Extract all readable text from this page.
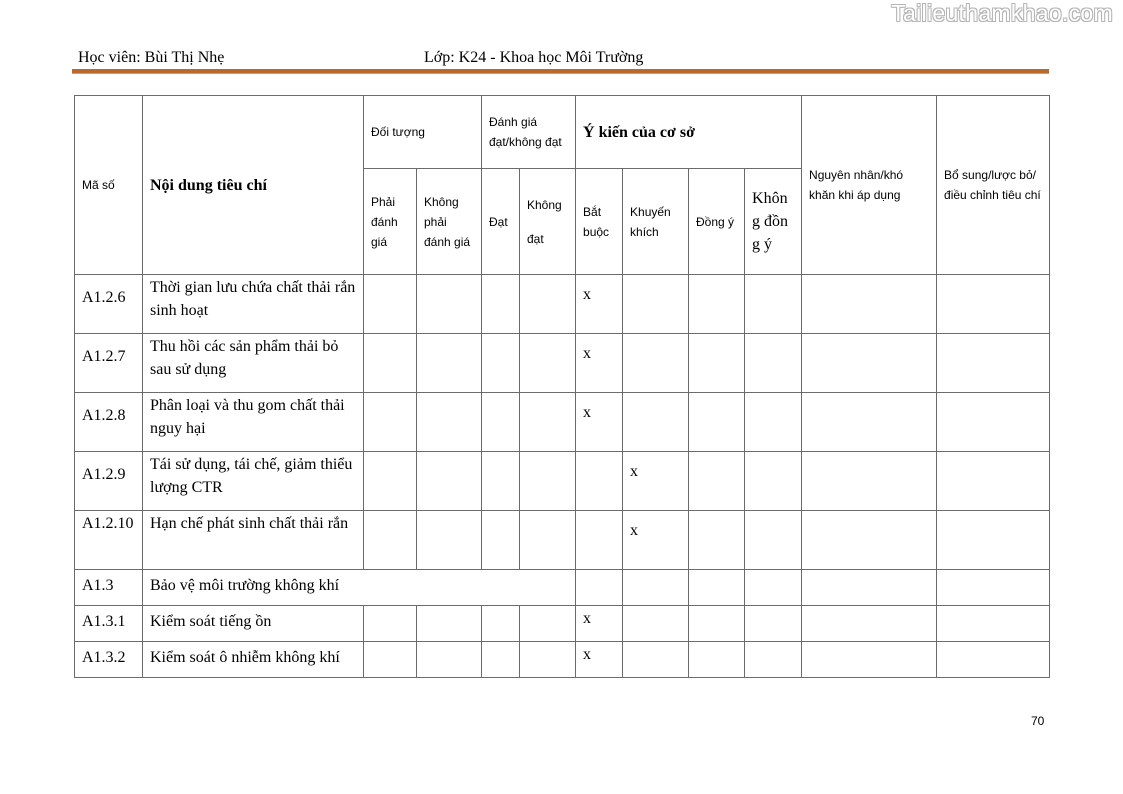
Tailieuthamkhao.com
Học viên: Bùi Thị Nhẹ	Lớp: K24 - Khoa học Môi Trường
Mã số	Nội dung tiêu chí	Đối tượng		Đánh giá đạt/không đạt		Ý kiến của cơ sở				Nguyên nhân/khó khăn khi áp dụng	Bổ sung/lược bỏ/điều chỉnh tiêu chí
		Phải đánh giá	Không phải đánh giá	Đạt	Không đạt	Bắt buộc	Khuyến khích	Đồng ý	Không đồng ý		
A1.2.6	Thời gian lưu chứa chất thải rắn sinh hoạt					x					
A1.2.7	Thu hồi các sản phẩm thải bỏ sau sử dụng					x					
A1.2.8	Phân loại và thu gom chất thải nguy hại					x					
A1.2.9	Tái sử dụng, tái chế, giảm thiểu lượng CTR						x				
A1.2.10	Hạn chế phát sinh chất thải rắn						x				
A1.3	Bảo vệ môi trường không khí										
A1.3.1	Kiểm soát tiếng ồn					x					
A1.3.2	Kiểm soát ô nhiễm không khí					x					
70
